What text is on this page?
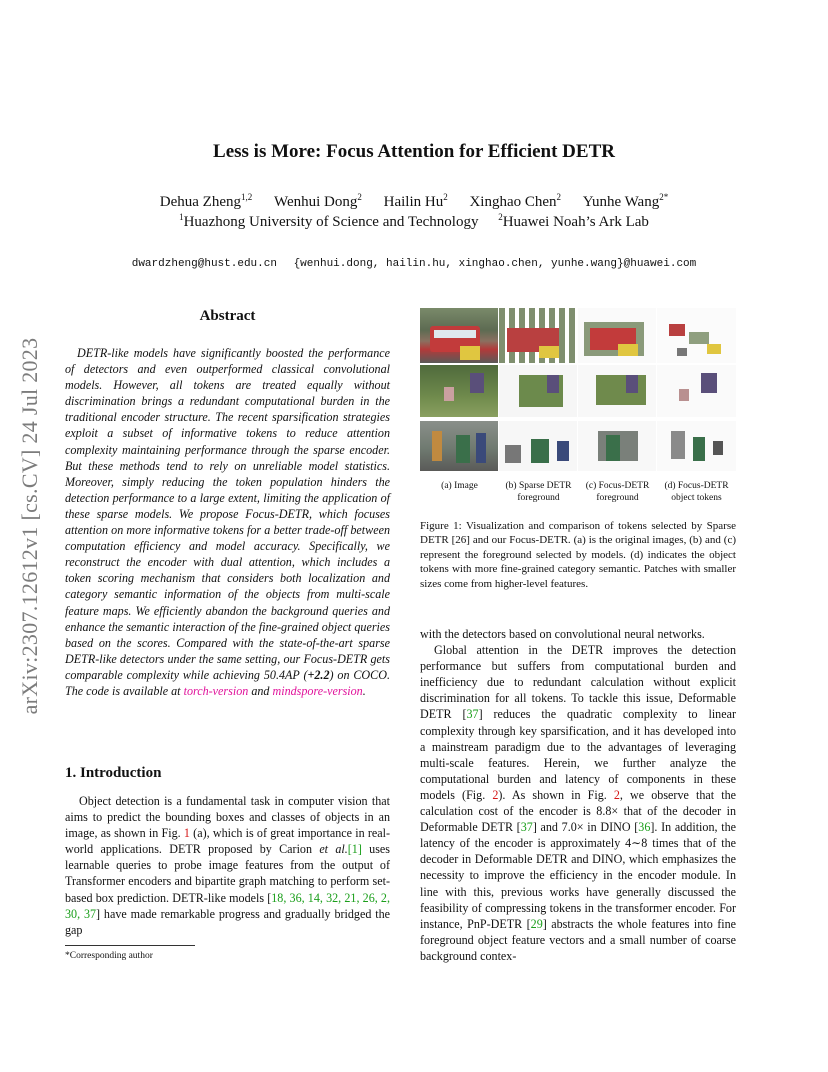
Less is More: Focus Attention for Efficient DETR
Dehua Zheng$^{1,2}$ Wenhui Dong$^2$ Hailin Hu$^2$ Xinghao Chen$^2$ Yunhe Wang$^{2*}$
$^1$Huazhong University of Science and Technology $^2$Huawei Noah’s Ark Lab
dwardzheng@hust.edu.cn {wenhui.dong, hailin.hu, xinghao.chen, yunhe.wang}@huawei.com
arXiv:2307.12612v1 [cs.CV] 24 Jul 2023
Abstract
DETR-like models have significantly boosted the performance of detectors and even outperformed classical convolutional models. However, all tokens are treated equally without discrimination brings a redundant computational burden in the traditional encoder structure. The recent sparsification strategies exploit a subset of informative tokens to reduce attention complexity maintaining performance through the sparse encoder. But these methods tend to rely on unreliable model statistics. Moreover, simply reducing the token population hinders the detection performance to a large extent, limiting the application of these sparse models. We propose Focus-DETR, which focuses attention on more informative tokens for a better trade-off between computation efficiency and model accuracy. Specifically, we reconstruct the encoder with dual attention, which includes a token scoring mechanism that considers both localization and category semantic information of the objects from multi-scale feature maps. We efficiently abandon the background queries and enhance the semantic interaction of the fine-grained object queries based on the scores. Compared with the state-of-the-art sparse DETR-like detectors under the same setting, our Focus-DETR gets comparable complexity while achieving 50.4AP (+2.2) on COCO. The code is available at torch-version and mindspore-version.
1. Introduction
Object detection is a fundamental task in computer vision that aims to predict the bounding boxes and classes of objects in an image, as shown in Fig. 1 (a), which is of great importance in real-world applications. DETR proposed by Carion et al.[1] uses learnable queries to probe image features from the output of Transformer encoders and bipartite graph matching to perform set-based box prediction. DETR-like models [18, 36, 14, 32, 21, 26, 2, 30, 37] have made remarkable progress and gradually bridged the gap
*Corresponding author
(a) Image	(b) Sparse DETR foreground
(c) Focus-DETR foreground
(d) Focus-DETR object tokens
Figure 1: Visualization and comparison of tokens selected by Sparse DETR [26] and our Focus-DETR. (a) is the original images, (b) and (c) represent the foreground selected by models. (d) indicates the object tokens with more fine-grained category semantic. Patches with smaller sizes come from higher-level features.

with the detectors based on convolutional neural networks.

Global attention in the DETR improves the detection performance but suffers from computational burden and inefficiency due to redundant calculation without explicit discrimination for all tokens. To tackle this issue, Deformable DETR [37] reduces the quadratic complexity to linear complexity through key sparsification, and it has developed into a mainstream paradigm due to the advantages of leveraging multi-scale features. Herein, we further analyze the computational burden and latency of components in these models (Fig. 2). As shown in Fig. 2, we observe that the calculation cost of the encoder is 8.8× that of the decoder in Deformable DETR [37] and 7.0× in DINO [36]. In addition, the latency of the encoder is approximately 4∼8 times that of the decoder in Deformable DETR and DINO, which emphasizes the necessity to improve the efficiency in the encoder module. In line with this, previous works have generally discussed the feasibility of compressing tokens in the transformer encoder. For instance, PnP-DETR [29] abstracts the whole features into fine foreground object feature vectors and a small number of coarse background contex-
